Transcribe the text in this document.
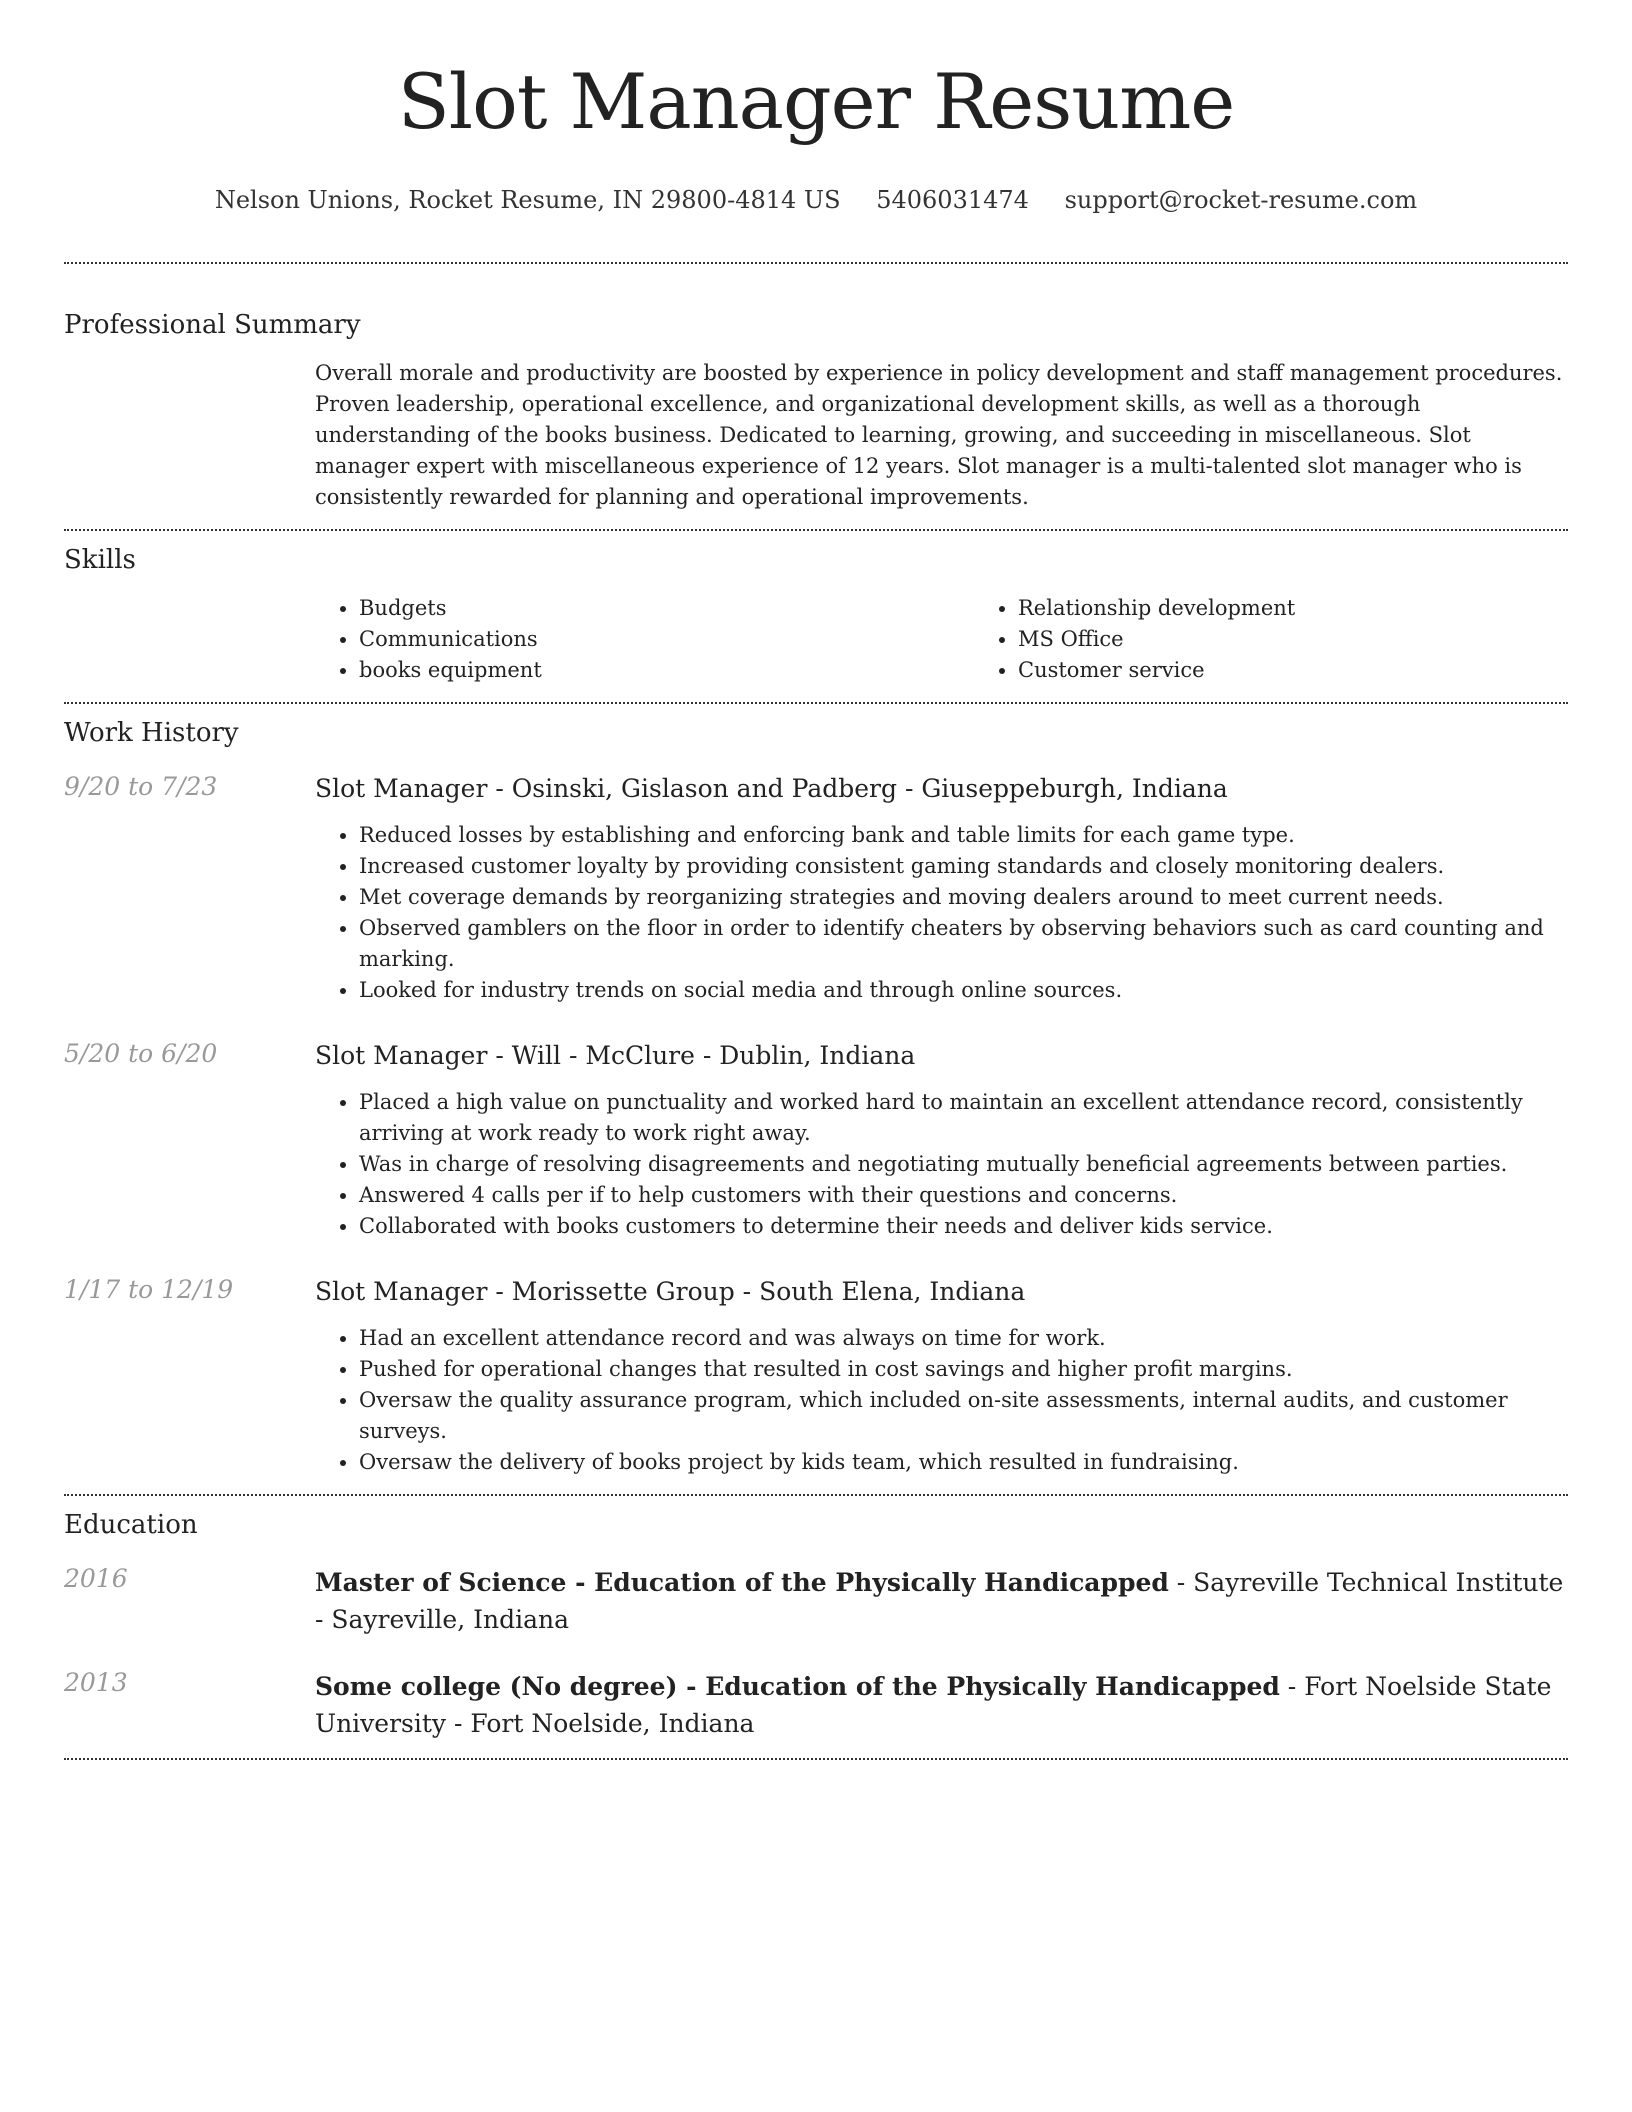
Slot Manager Resume
Nelson Unions, Rocket Resume, IN 29800-4814 US 5406031474 support@rocket-resume.com
Professional Summary
Overall morale and productivity are boosted by experience in policy development and staff management procedures. Proven leadership, operational excellence, and organizational development skills, as well as a thorough understanding of the books business. Dedicated to learning, growing, and succeeding in miscellaneous. Slot manager expert with miscellaneous experience of 12 years. Slot manager is a multi-talented slot manager who is consistently rewarded for planning and operational improvements.
Skills
• Budgets
• Communications
• books equipment
• Relationship development
• MS Office
• Customer service
Work History
9/20 to 7/23	Slot Manager - Osinski, Gislason and Padberg - Giuseppeburgh, Indiana
• Reduced losses by establishing and enforcing bank and table limits for each game type.
• Increased customer loyalty by providing consistent gaming standards and closely monitoring dealers.
• Met coverage demands by reorganizing strategies and moving dealers around to meet current needs.
• Observed gamblers on the floor in order to identify cheaters by observing behaviors such as card counting and marking.
• Looked for industry trends on social media and through online sources.
5/20 to 6/20	Slot Manager - Will - McClure - Dublin, Indiana
• Placed a high value on punctuality and worked hard to maintain an excellent attendance record, consistently arriving at work ready to work right away.
• Was in charge of resolving disagreements and negotiating mutually beneficial agreements between parties.
• Answered 4 calls per if to help customers with their questions and concerns.
• Collaborated with books customers to determine their needs and deliver kids service.
1/17 to 12/19	Slot Manager - Morissette Group - South Elena, Indiana
• Had an excellent attendance record and was always on time for work.
• Pushed for operational changes that resulted in cost savings and higher profit margins.
• Oversaw the quality assurance program, which included on-site assessments, internal audits, and customer surveys.
• Oversaw the delivery of books project by kids team, which resulted in fundraising.
Education
2016	Master of Science - Education of the Physically Handicapped - Sayreville Technical Institute - Sayreville, Indiana
2013	Some college (No degree) - Education of the Physically Handicapped - Fort Noelside State University - Fort Noelside, Indiana
